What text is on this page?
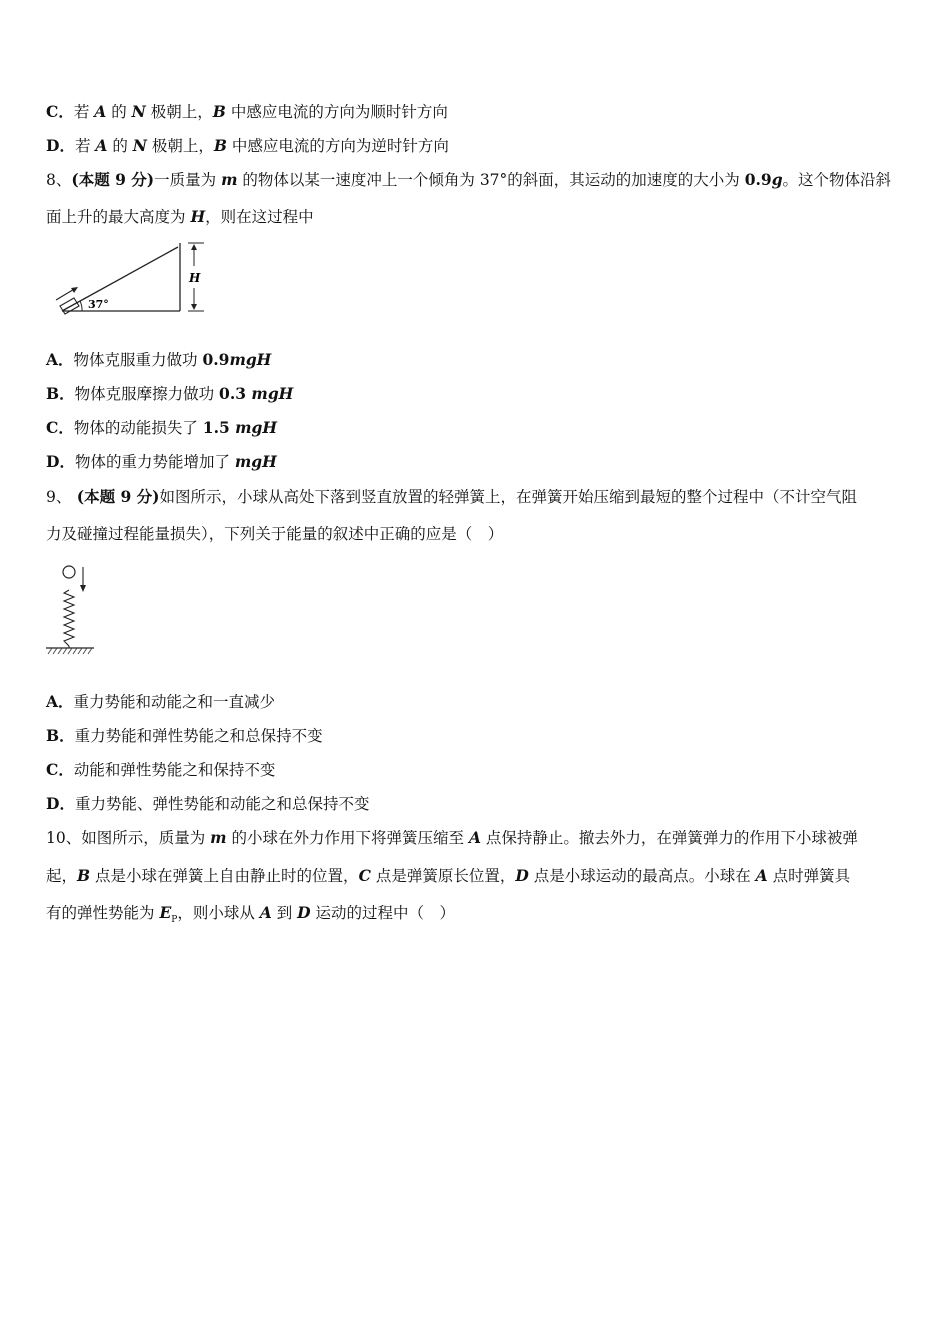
C．若 A 的 N 极朝上，B 中感应电流的方向为顺时针方向
D．若 A 的 N 极朝上，B 中感应电流的方向为逆时针方向
8、(本题 9 分)一质量为 m 的物体以某一速度冲上一个倾角为 37°的斜面，其运动的加速度的大小为 0.9g。这个物体沿斜
面上升的最大高度为 H，则在这过程中
37°
H
A．物体克服重力做功 0.9mgH
B．物体克服摩擦力做功 0.3 mgH
C．物体的动能损失了 1.5 mgH
D．物体的重力势能增加了 mgH
9、 (本题 9 分)如图所示，小球从高处下落到竖直放置的轻弹簧上，在弹簧开始压缩到最短的整个过程中（不计空气阻
力及碰撞过程能量损失），下列关于能量的叙述中正确的应是（　）
A．重力势能和动能之和一直减少
B．重力势能和弹性势能之和总保持不变
C．动能和弹性势能之和保持不变
D．重力势能、弹性势能和动能之和总保持不变
10、如图所示，质量为 m 的小球在外力作用下将弹簧压缩至 A 点保持静止。撤去外力，在弹簧弹力的作用下小球被弹
起，B 点是小球在弹簧上自由静止时的位置，C 点是弹簧原长位置，D 点是小球运动的最高点。小球在 A 点时弹簧具
有的弹性势能为 $E_P$，则小球从 A 到 D 运动的过程中（　）
